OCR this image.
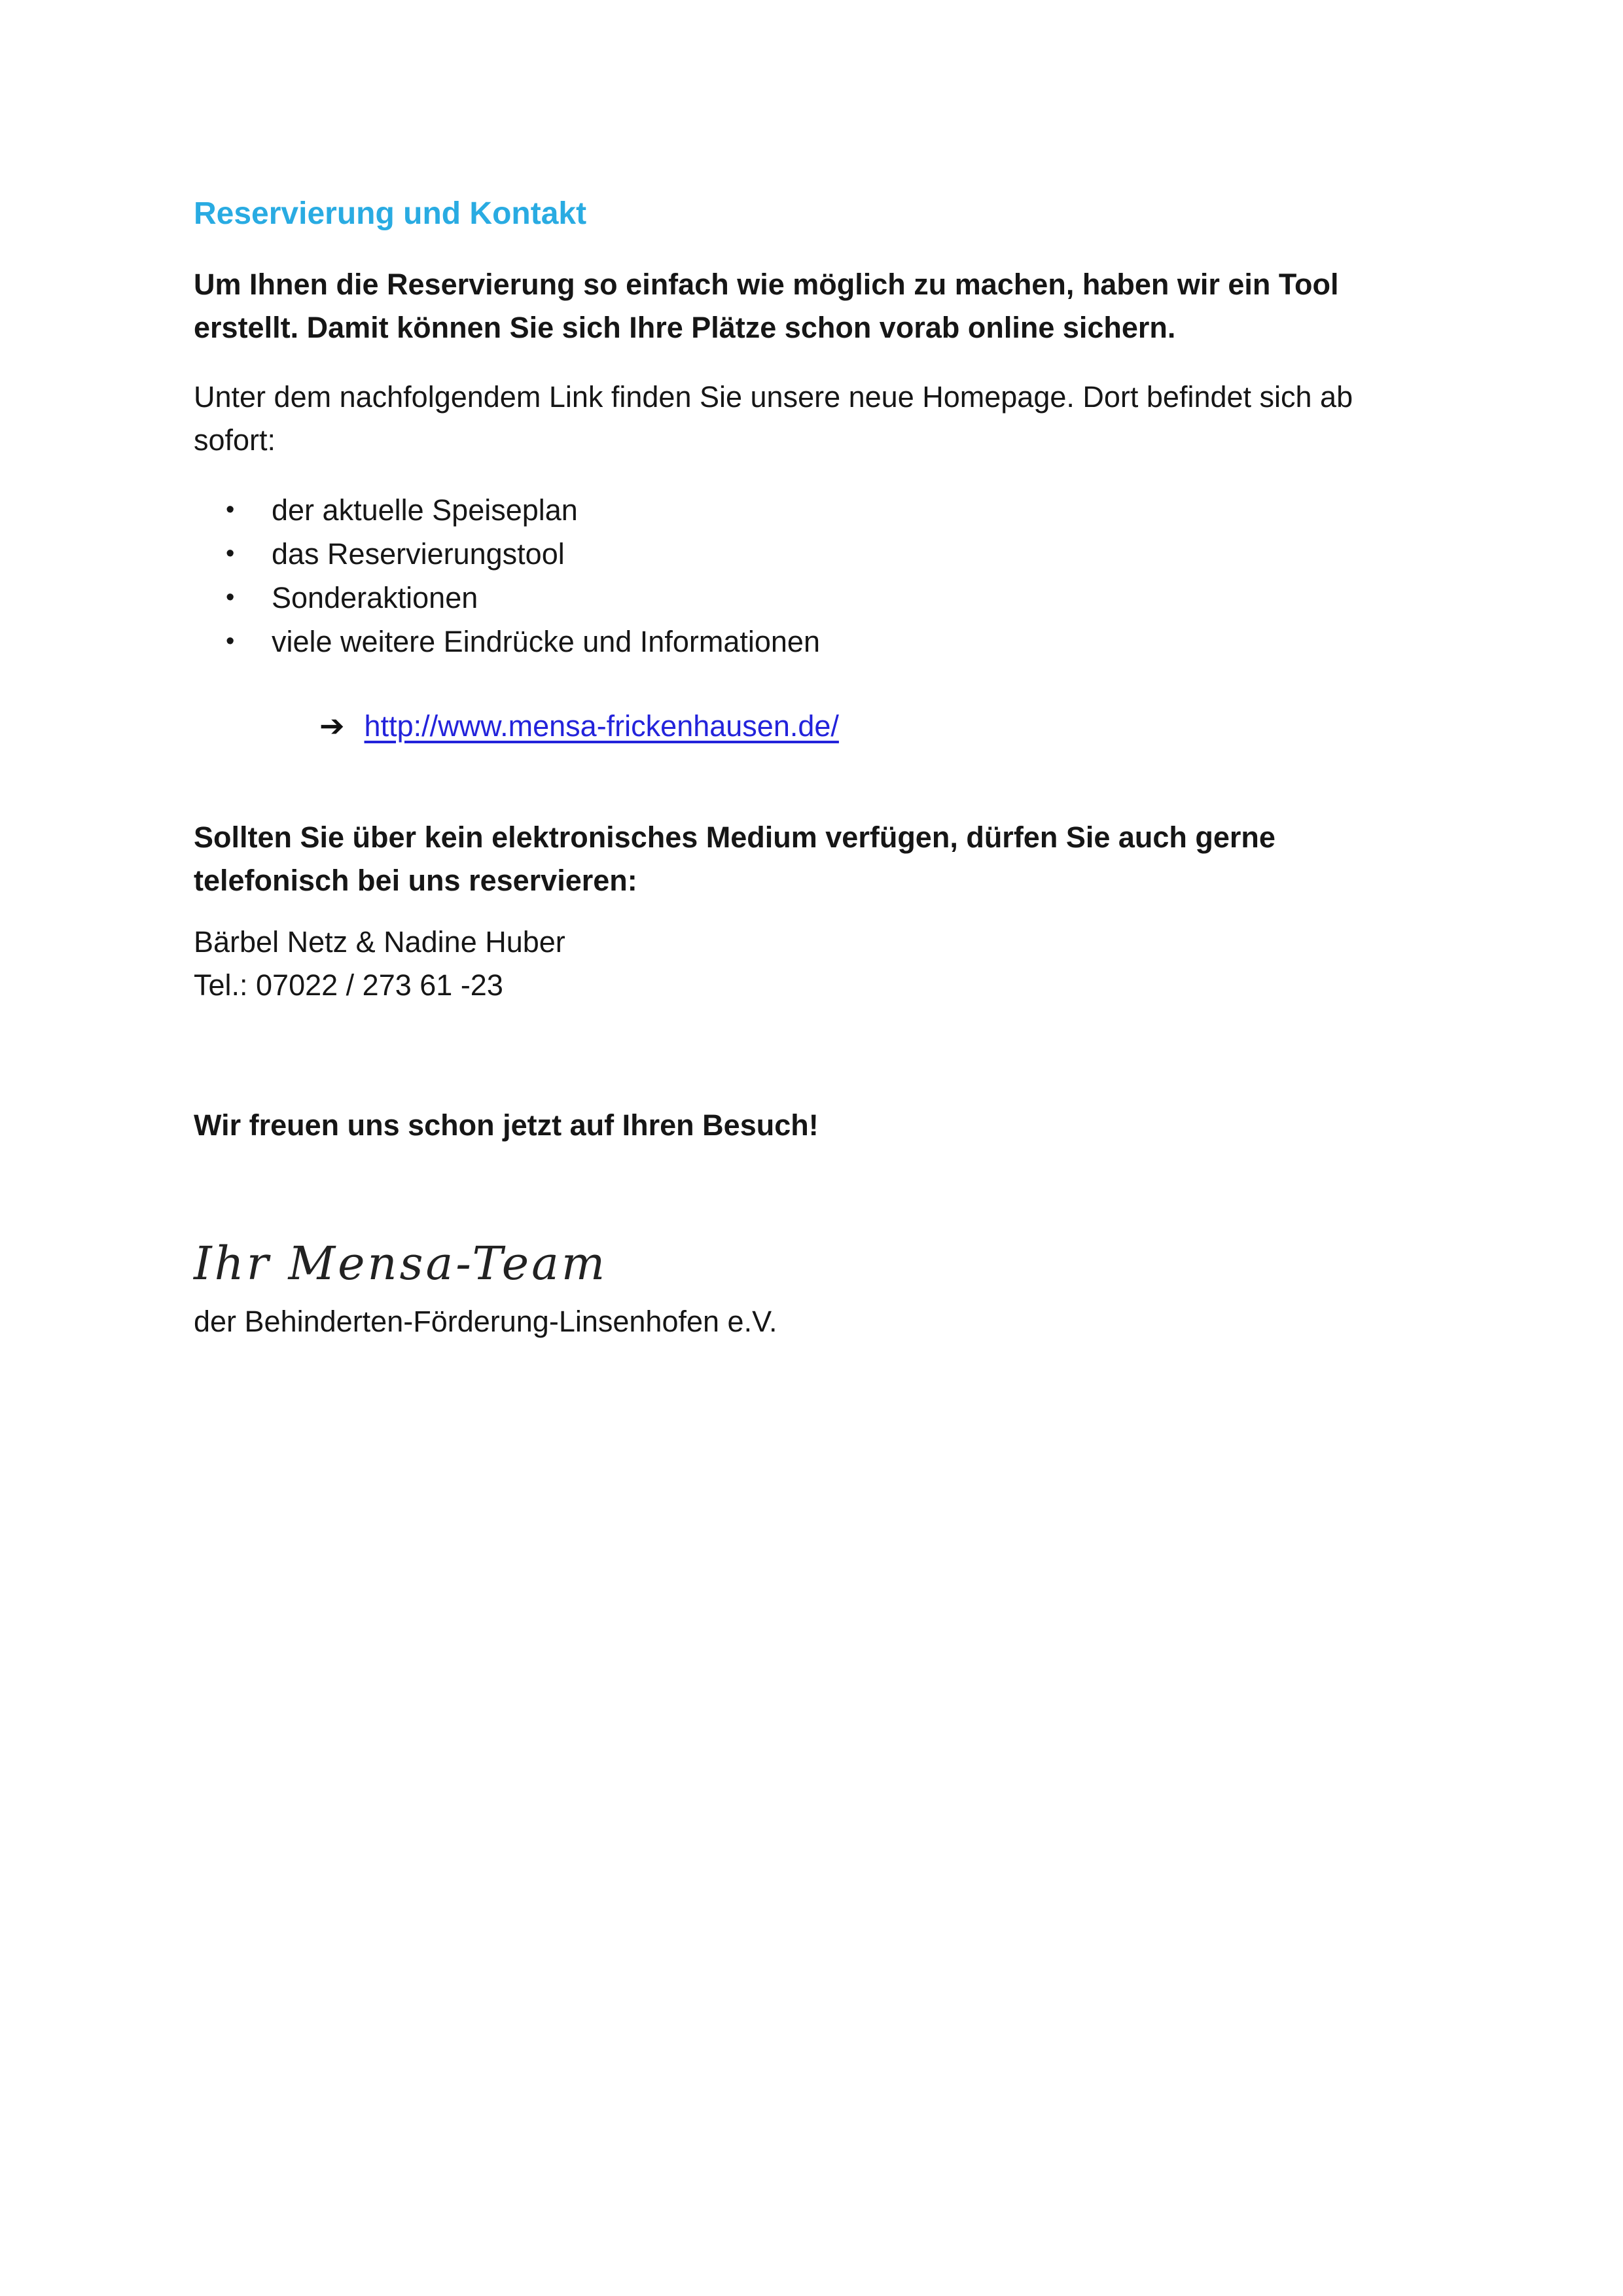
Reservierung und Kontakt

Um Ihnen die Reservierung so einfach wie möglich zu machen, haben wir ein Tool erstellt. Damit können Sie sich Ihre Plätze schon vorab online sichern.

Unter dem nachfolgendem Link finden Sie unsere neue Homepage. Dort befindet sich ab sofort:

•	der aktuelle Speiseplan
•	das Reservierungstool
•	Sonderaktionen
•	viele weitere Eindrücke und Informationen
➔ http://www.mensa-frickenhausen.de/

Sollten Sie über kein elektronisches Medium verfügen, dürfen Sie auch gerne telefonisch bei uns reservieren:

Bärbel Netz & Nadine Huber
Tel.: 07022 / 273 61 -23

Wir freuen uns schon jetzt auf Ihren Besuch!

Ihr Mensa-Team

der Behinderten-Förderung-Linsenhofen e.V.
